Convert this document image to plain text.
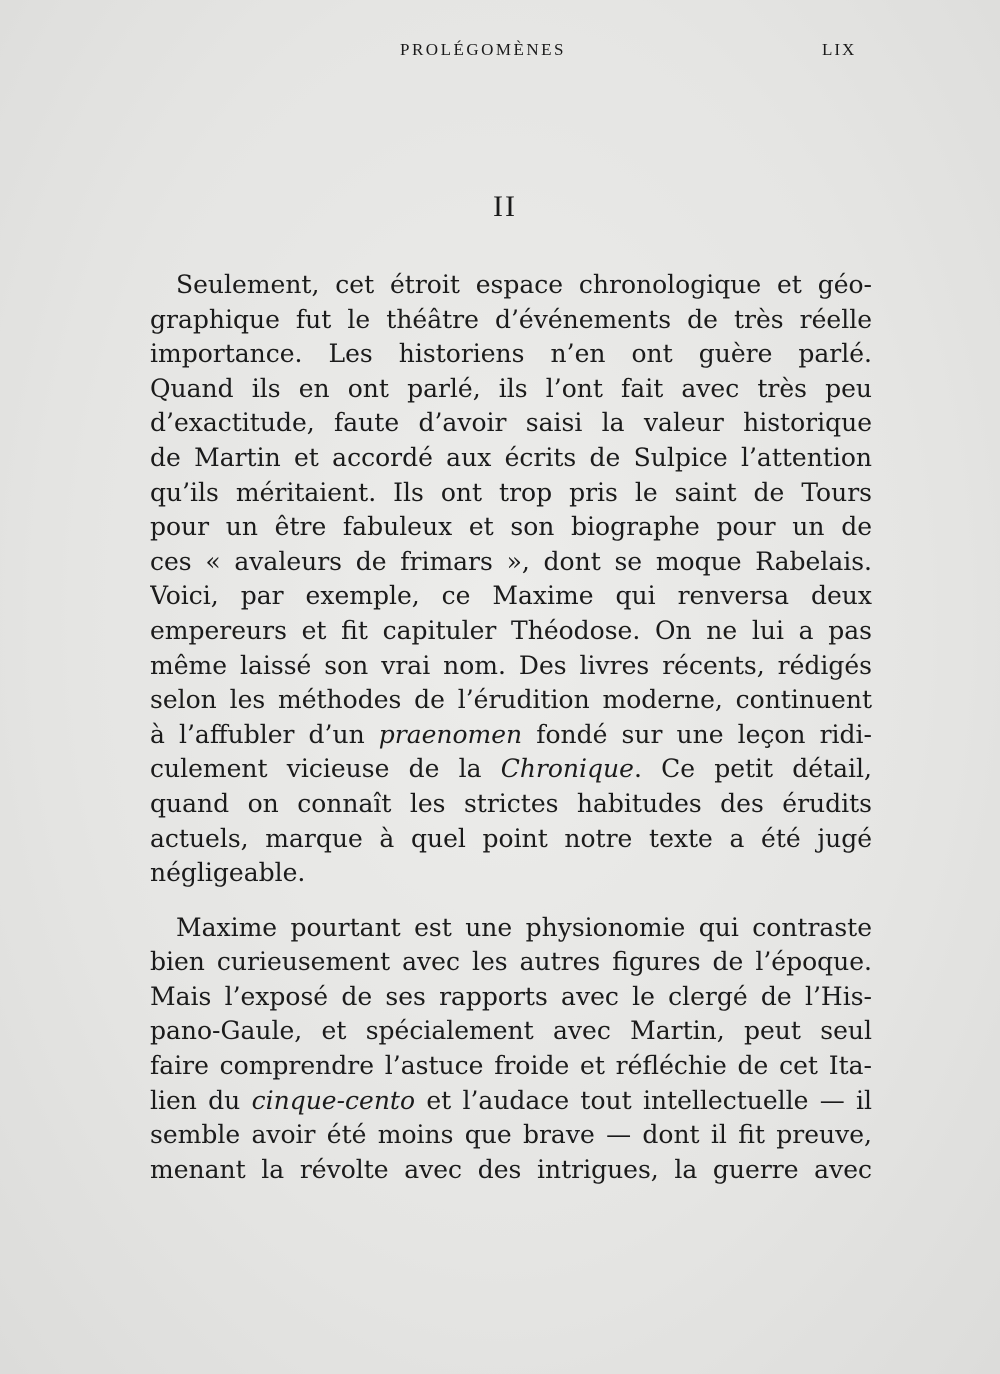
PROLÉGOMÈNES	LIX
II
Seulement, cet étroit espace chronologique et géo-
graphique fut le théâtre d’événements de très réelle
importance. Les historiens n’en ont guère parlé.
Quand ils en ont parlé, ils l’ont fait avec très peu
d’exactitude, faute d’avoir saisi la valeur historique
de Martin et accordé aux écrits de Sulpice l’attention
qu’ils méritaient. Ils ont trop pris le saint de Tours
pour un être fabuleux et son biographe pour un de
ces « avaleurs de frimars », dont se moque Rabelais.
Voici, par exemple, ce Maxime qui renversa deux
empereurs et fit capituler Théodose. On ne lui a pas
même laissé son vrai nom. Des livres récents, rédigés
selon les méthodes de l’érudition moderne, continuent
à l’affubler d’un praenomen fondé sur une leçon ridi-
culement vicieuse de la Chronique. Ce petit détail,
quand on connaît les strictes habitudes des érudits
actuels, marque à quel point notre texte a été jugé
négligeable.
Maxime pourtant est une physionomie qui contraste
bien curieusement avec les autres figures de l’époque.
Mais l’exposé de ses rapports avec le clergé de l’His-
pano-Gaule, et spécialement avec Martin, peut seul
faire comprendre l’astuce froide et réfléchie de cet Ita-
lien du cinque-cento et l’audace tout intellectuelle — il
semble avoir été moins que brave — dont il fit preuve,
menant la révolte avec des intrigues, la guerre avec
